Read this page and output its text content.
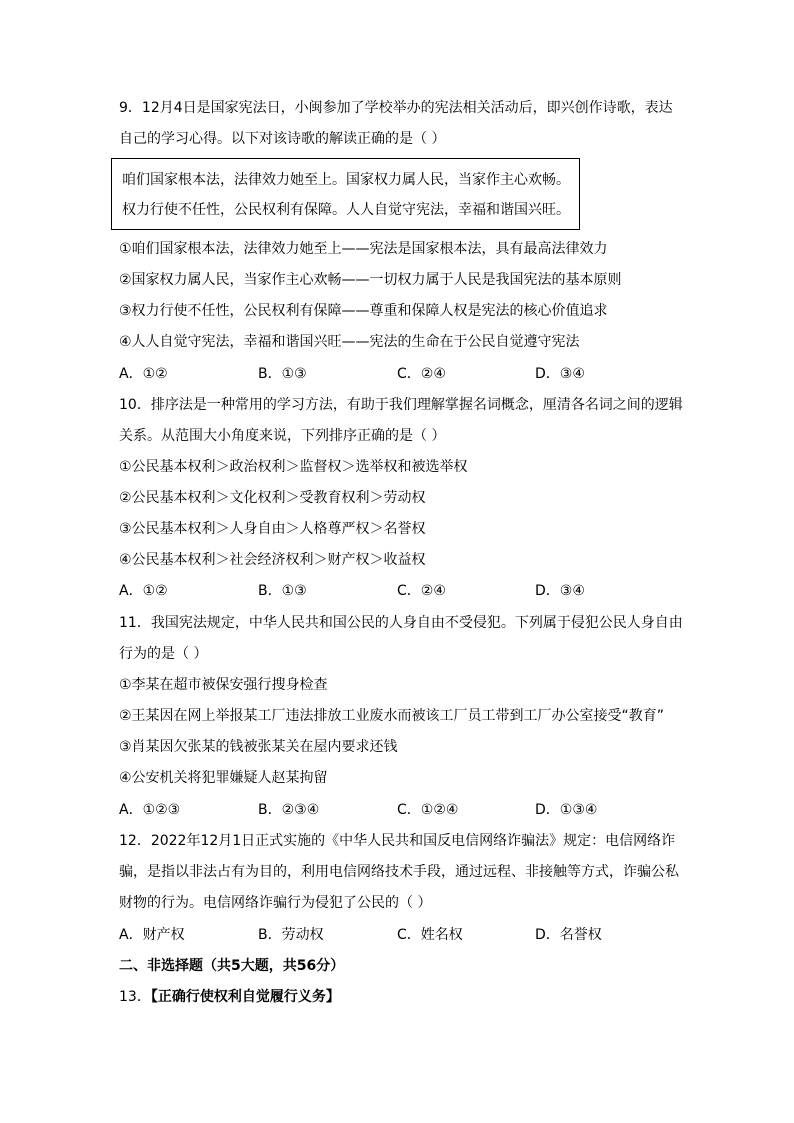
9．12月4日是国家宪法日，小闽参加了学校举办的宪法相关活动后，即兴创作诗歌，表达
自己的学习心得。以下对该诗歌的解读正确的是（ ）
咱们国家根本法，法律效力她至上。国家权力属人民，当家作主心欢畅。
权力行使不任性，公民权利有保障。人人自觉守宪法，幸福和谐国兴旺。
①咱们国家根本法，法律效力她至上——宪法是国家根本法，具有最高法律效力
②国家权力属人民，当家作主心欢畅——一切权力属于人民是我国宪法的基本原则
③权力行使不任性，公民权利有保障——尊重和保障人权是宪法的核心价值追求
④人人自觉守宪法，幸福和谐国兴旺——宪法的生命在于公民自觉遵守宪法
A．①②	B．①③	C．②④	D．③④
10．排序法是一种常用的学习方法，有助于我们理解掌握名词概念，厘清各名词之间的逻辑
关系。从范围大小角度来说，下列排序正确的是（ ）
①公民基本权利＞政治权利＞监督权＞选举权和被选举权
②公民基本权利＞文化权利＞受教育权利＞劳动权
③公民基本权利＞人身自由＞人格尊严权＞名誉权
④公民基本权利＞社会经济权利＞财产权＞收益权
A．①②	B．①③	C．②④	D．③④
11．我国宪法规定，中华人民共和国公民的人身自由不受侵犯。下列属于侵犯公民人身自由
行为的是（ ）
①李某在超市被保安强行搜身检查
②王某因在网上举报某工厂违法排放工业废水而被该工厂员工带到工厂办公室接受“教育”
③肖某因欠张某的钱被张某关在屋内要求还钱
④公安机关将犯罪嫌疑人赵某拘留
A．①②③	B．②③④	C．①②④	D．①③④
12．2022年12月1日正式实施的《中华人民共和国反电信网络诈骗法》规定：电信网络诈
骗，是指以非法占有为目的，利用电信网络技术手段，通过远程、非接触等方式，诈骗公私
财物的行为。电信网络诈骗行为侵犯了公民的（ ）
A．财产权	B．劳动权	C．姓名权	D．名誉权
二、非选择题（共5大题，共56分）
13．【正确行使权利自觉履行义务】
